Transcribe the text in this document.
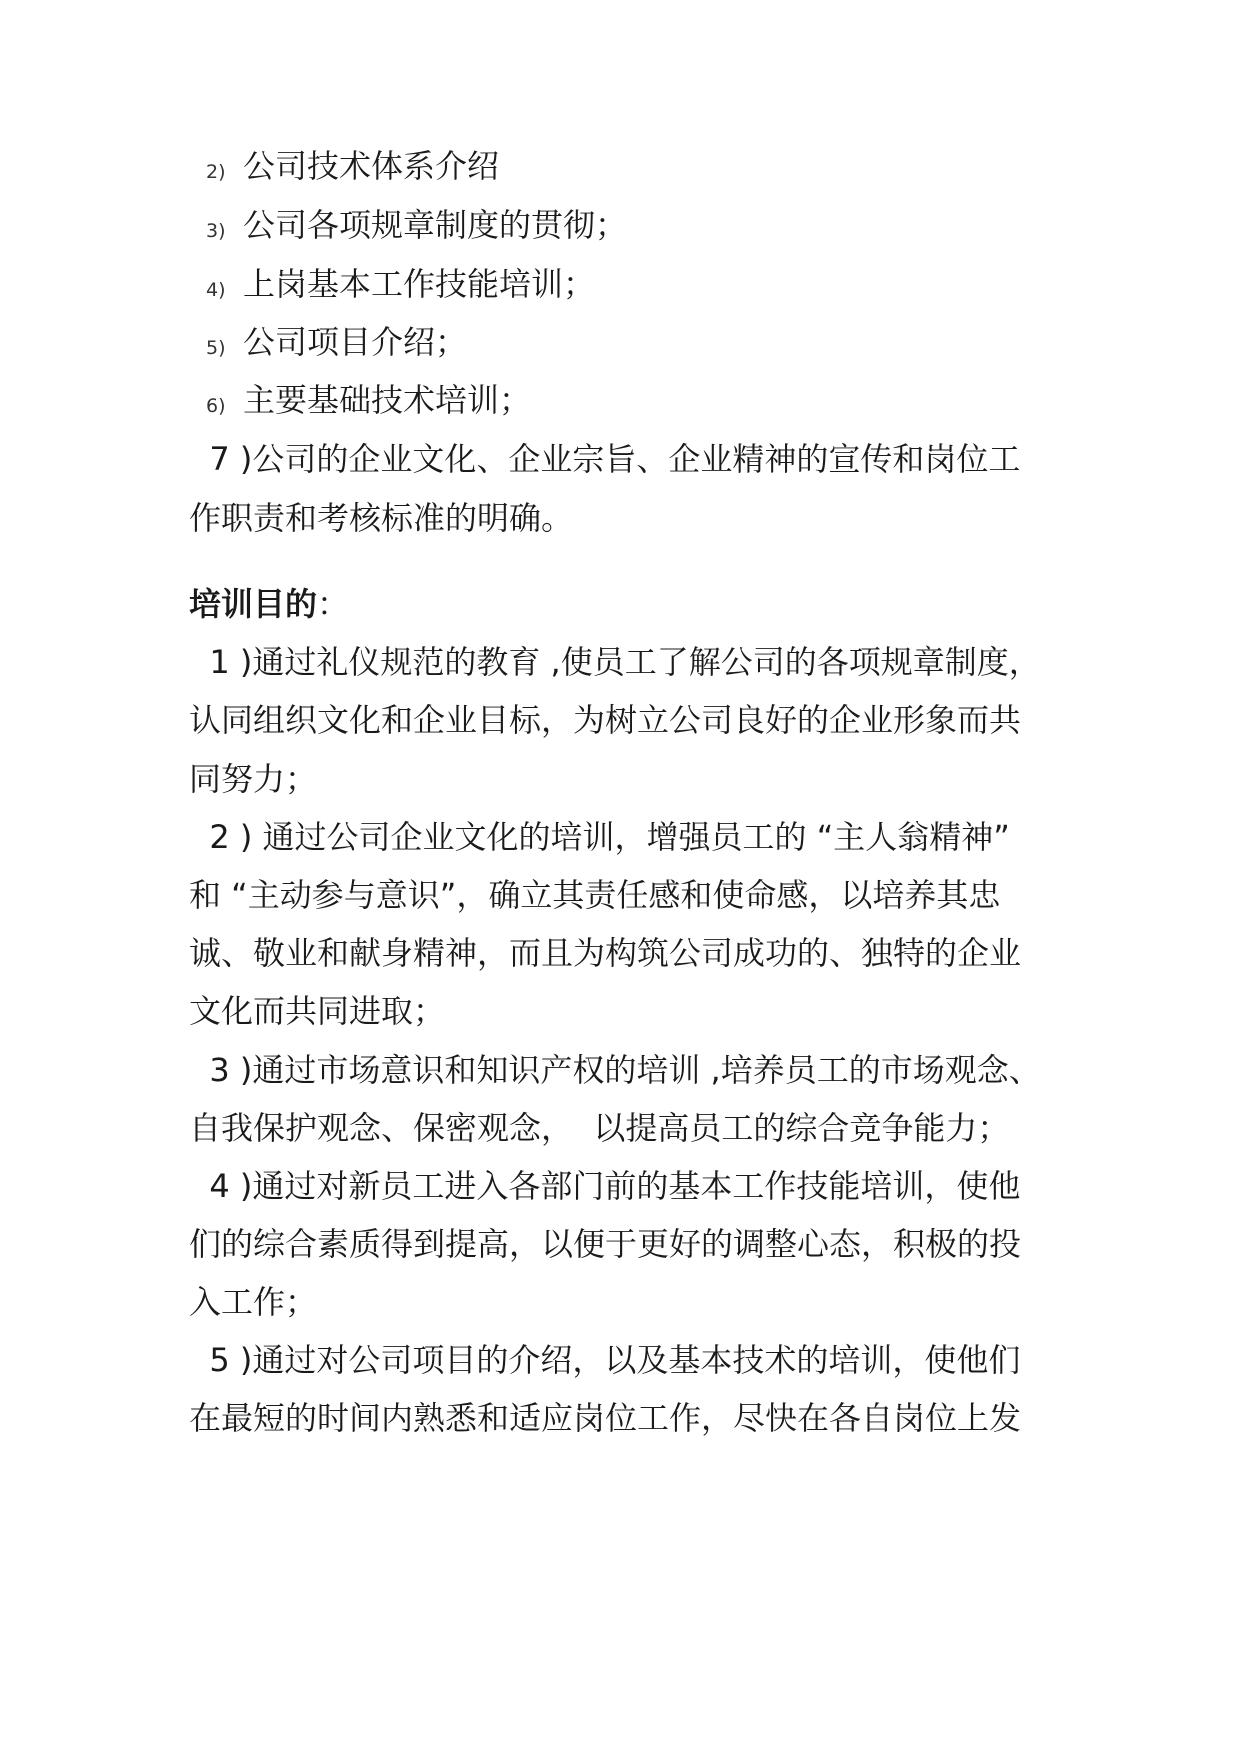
2) 公司技术体系介绍
3) 公司各项规章制度的贯彻；
4) 上岗基本工作技能培训；
5) 公司项目介绍；
6) 主要基础技术培训；
7 )公司的企业文化、企业宗旨、企业精神的宣传和岗位工
作职责和考核标准的明确。
培训目的：
1 )通过礼仪规范的教育 ,使员工了解公司的各项规章制度，
认同组织文化和企业目标，为树立公司良好的企业形象而共
同努力；
2 ) 通过公司企业文化的培训，增强员工的 “主人翁精神”
和 “主动参与意识”，确立其责任感和使命感，以培养其忠
诚、敬业和献身精神，而且为构筑公司成功的、独特的企业
文化而共同进取；
3 )通过市场意识和知识产权的培训 ,培养员工的市场观念、
自我保护观念、保密观念，  以提高员工的综合竞争能力；
4 )通过对新员工进入各部门前的基本工作技能培训，使他
们的综合素质得到提高，以便于更好的调整心态，积极的投
入工作；
5 )通过对公司项目的介绍，以及基本技术的培训，使他们
在最短的时间内熟悉和适应岗位工作，尽快在各自岗位上发
